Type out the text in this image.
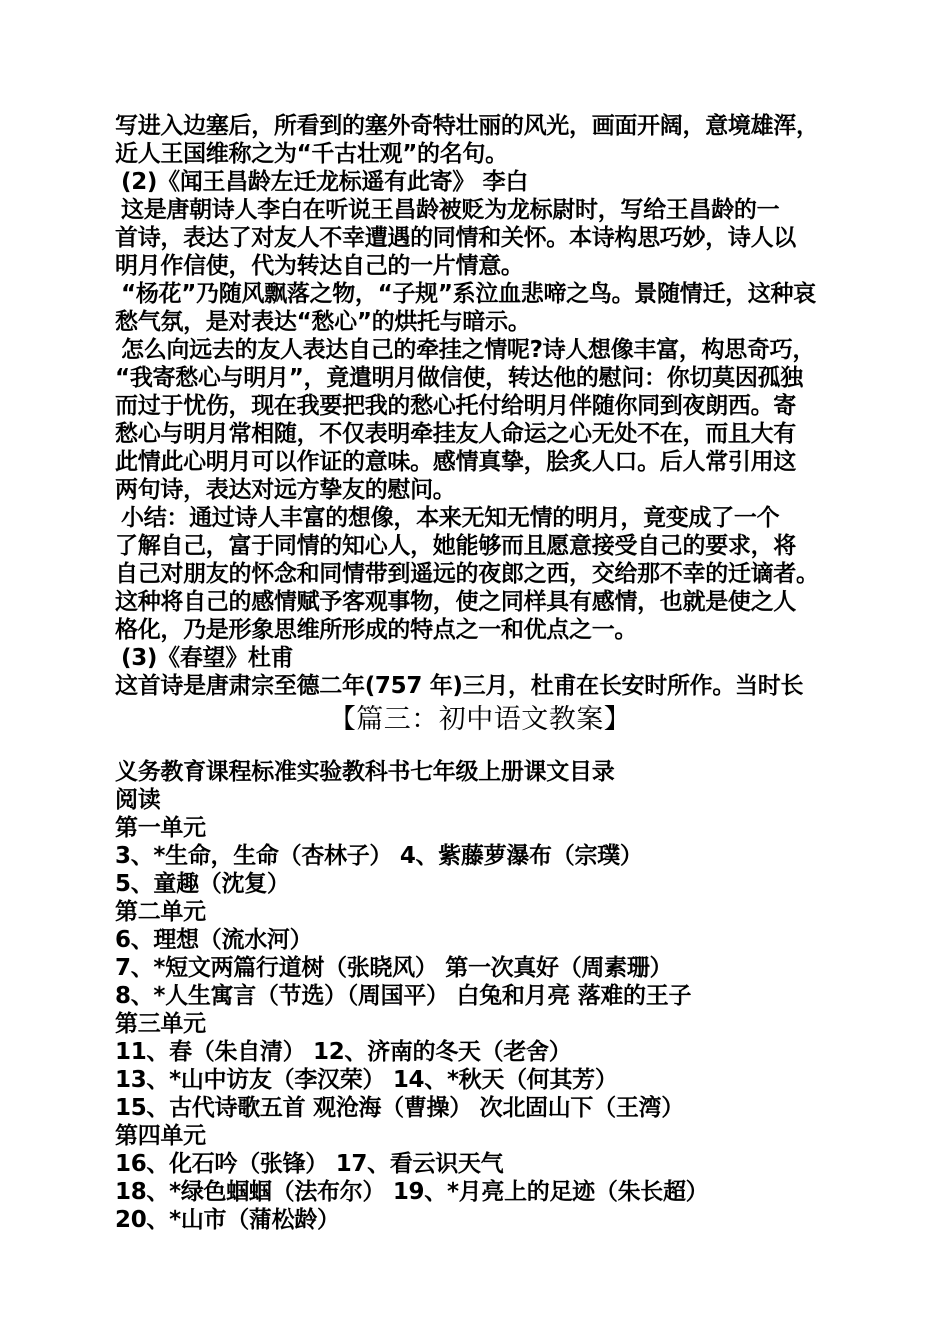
写进入边塞后，所看到的塞外奇特壮丽的风光，画面开阔，意境雄浑，
近人王国维称之为“千古壮观”的名句。
(2)《闻王昌龄左迁龙标遥有此寄》 李白
这是唐朝诗人李白在听说王昌龄被贬为龙标尉时，写给王昌龄的一
首诗，表达了对友人不幸遭遇的同情和关怀。本诗构思巧妙，诗人以
明月作信使，代为转达自己的一片情意。
“杨花”乃随风飘落之物，“子规”系泣血悲啼之鸟。景随情迁，这种哀
愁气氛，是对表达“愁心”的烘托与暗示。
怎么向远去的友人表达自己的牵挂之情呢?诗人想像丰富，构思奇巧，
“我寄愁心与明月”，竟遣明月做信使，转达他的慰问：你切莫因孤独
而过于忧伤，现在我要把我的愁心托付给明月伴随你同到夜朗西。寄
愁心与明月常相随，不仅表明牵挂友人命运之心无处不在，而且大有
此情此心明月可以作证的意味。感情真挚，脍炙人口。后人常引用这
两句诗，表达对远方挚友的慰问。
小结：通过诗人丰富的想像，本来无知无情的明月，竟变成了一个
了解自己，富于同情的知心人，她能够而且愿意接受自己的要求，将
自己对朋友的怀念和同情带到遥远的夜郎之西，交给那不幸的迁谪者。
这种将自己的感情赋予客观事物，使之同样具有感情，也就是使之人
格化，乃是形象思维所形成的特点之一和优点之一。
(3)《春望》杜甫
这首诗是唐肃宗至德二年(757 年)三月，杜甫在长安时所作。当时长
【篇三：初中语文教案】
义务教育课程标准实验教科书七年级上册课文目录
阅读
第一单元
3、*生命，生命（杏林子） 4、紫藤萝瀑布（宗璞）
5、童趣（沈复）
第二单元
6、理想（流水河）
7、*短文两篇行道树（张晓风） 第一次真好（周素珊）
8、*人生寓言（节选）（周国平） 白兔和月亮 落难的王子
第三单元
11、春（朱自清） 12、济南的冬天（老舍）
13、*山中访友（李汉荣） 14、*秋天（何其芳）
15、古代诗歌五首 观沧海（曹操） 次北固山下（王湾）
第四单元
16、化石吟（张锋） 17、看云识天气
18、*绿色蝈蝈（法布尔） 19、*月亮上的足迹（朱长超）
20、*山市（蒲松龄）
